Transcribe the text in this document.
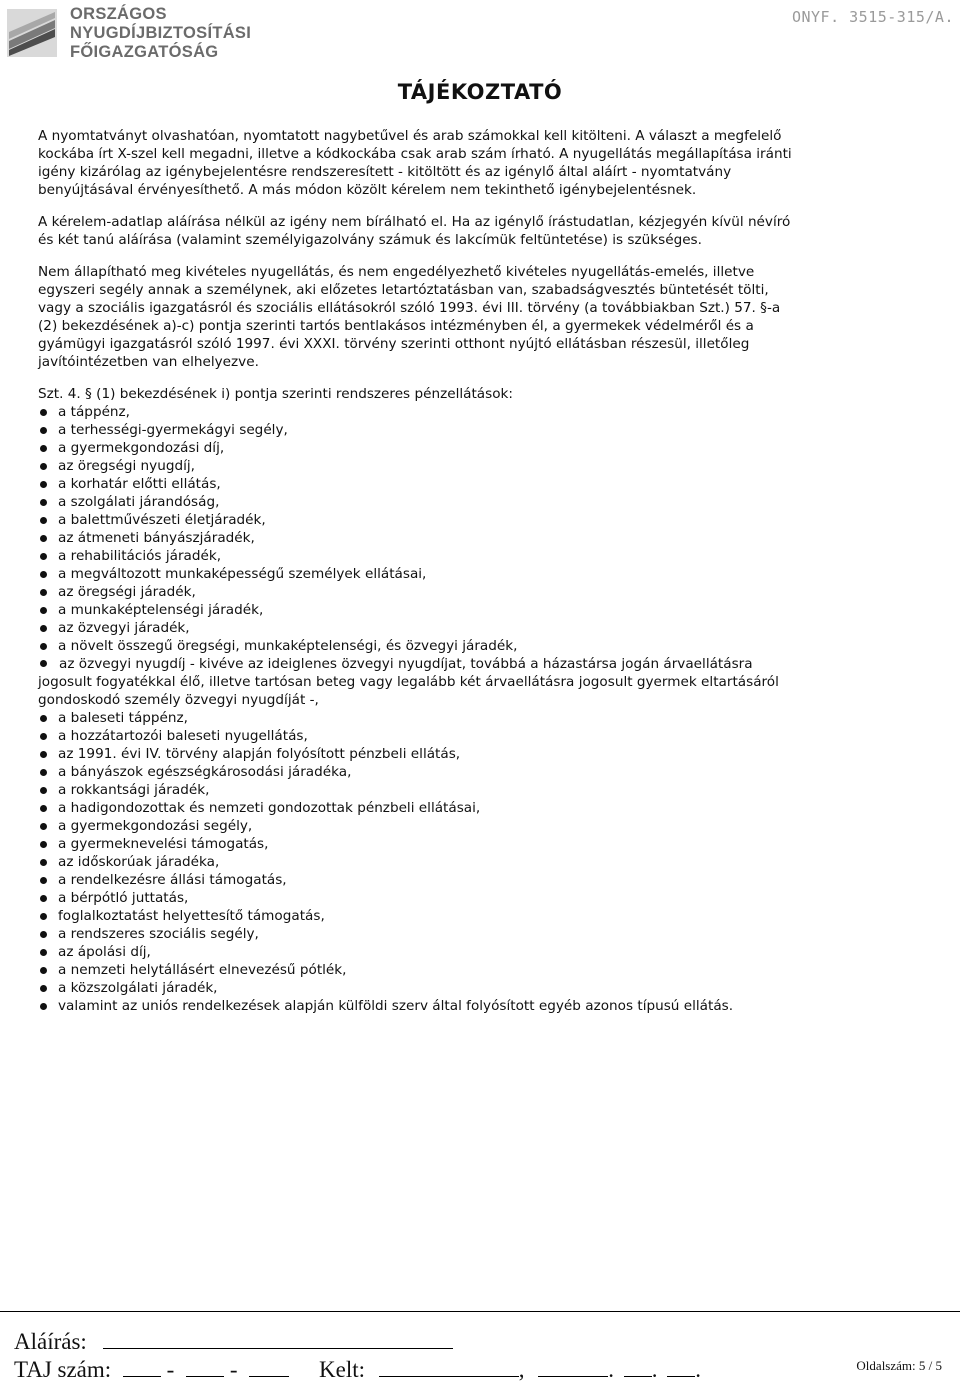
ORSZÁGOS
NYUGDÍJBIZTOSÍTÁSI
FŐIGAZGATÓSÁG
ONYF. 3515-315/A.
TÁJÉKOZTATÓ

A nyomtatványt olvashatóan, nyomtatott nagybetűvel és arab számokkal kell kitölteni. A választ a megfelelő kockába írt X-szel kell megadni, illetve a kódkockába csak arab szám írható. A nyugellátás megállapítása iránti igény kizárólag az igénybejelentésre rendszeresített - kitöltött és az igénylő által aláírt - nyomtatvány benyújtásával érvényesíthető. A más módon közölt kérelem nem tekinthető igénybejelentésnek.

A kérelem-adatlap aláírása nélkül az igény nem bírálható el. Ha az igénylő írástudatlan, kézjegyén kívül névíró és két tanú aláírása (valamint személyigazolvány számuk és lakcímük feltüntetése) is szükséges.

Nem állapítható meg kivételes nyugellátás, és nem engedélyezhető kivételes nyugellátás-emelés, illetve egyszeri segély annak a személynek, aki előzetes letartóztatásban van, szabadságvesztés büntetését tölti, vagy a szociális igazgatásról és szociális ellátásokról szóló 1993. évi III. törvény (a továbbiakban Szt.) 57. §-a (2) bekezdésének a)-c) pontja szerinti tartós bentlakásos intézményben él, a gyermekek védelméről és a gyámügyi igazgatásról szóló 1997. évi XXXI. törvény szerinti otthont nyújtó ellátásban részesül, illetőleg javítóintézetben van elhelyezve.

Szt. 4. § (1) bekezdésének i) pontja szerinti rendszeres pénzellátások:

a táppénz,
a terhességi-gyermekágyi segély,
a gyermekgondozási díj,
az öregségi nyugdíj,
a korhatár előtti ellátás,
a szolgálati járandóság,
a balettművészeti életjáradék,
az átmeneti bányászjáradék,
a rehabilitációs járadék,
a megváltozott munkaképességű személyek ellátásai,
az öregségi járadék,
a munkaképtelenségi járadék,
az özvegyi járadék,
a növelt összegű öregségi, munkaképtelenségi, és özvegyi járadék,
az özvegyi nyugdíj - kivéve az ideiglenes özvegyi nyugdíjat, továbbá a házastársa jogán árvaellátásra jogosult fogyatékkal élő, illetve tartósan beteg vagy legalább két árvaellátásra jogosult gyermek eltartásáról gondoskodó személy özvegyi nyugdíját -,
a baleseti táppénz,
a hozzátartozói baleseti nyugellátás,
az 1991. évi IV. törvény alapján folyósított pénzbeli ellátás,
a bányászok egészségkárosodási járadéka,
a rokkantsági járadék,
a hadigondozottak és nemzeti gondozottak pénzbeli ellátásai,
a gyermekgondozási segély,
a gyermeknevelési támogatás,
az időskorúak járadéka,
a rendelkezésre állási támogatás,
a bérpótló juttatás,
foglalkoztatást helyettesítő támogatás,
a rendszeres szociális segély,
az ápolási díj,
a nemzeti helytállásért elnevezésű pótlék,
a közszolgálati járadék,
valamint az uniós rendelkezések alapján külföldi szerv által folyósított egyéb azonos típusú ellátás.
Aláírás:
TAJ szám: - -	Kelt:	,	. . .	Oldalszám: 5 / 5
